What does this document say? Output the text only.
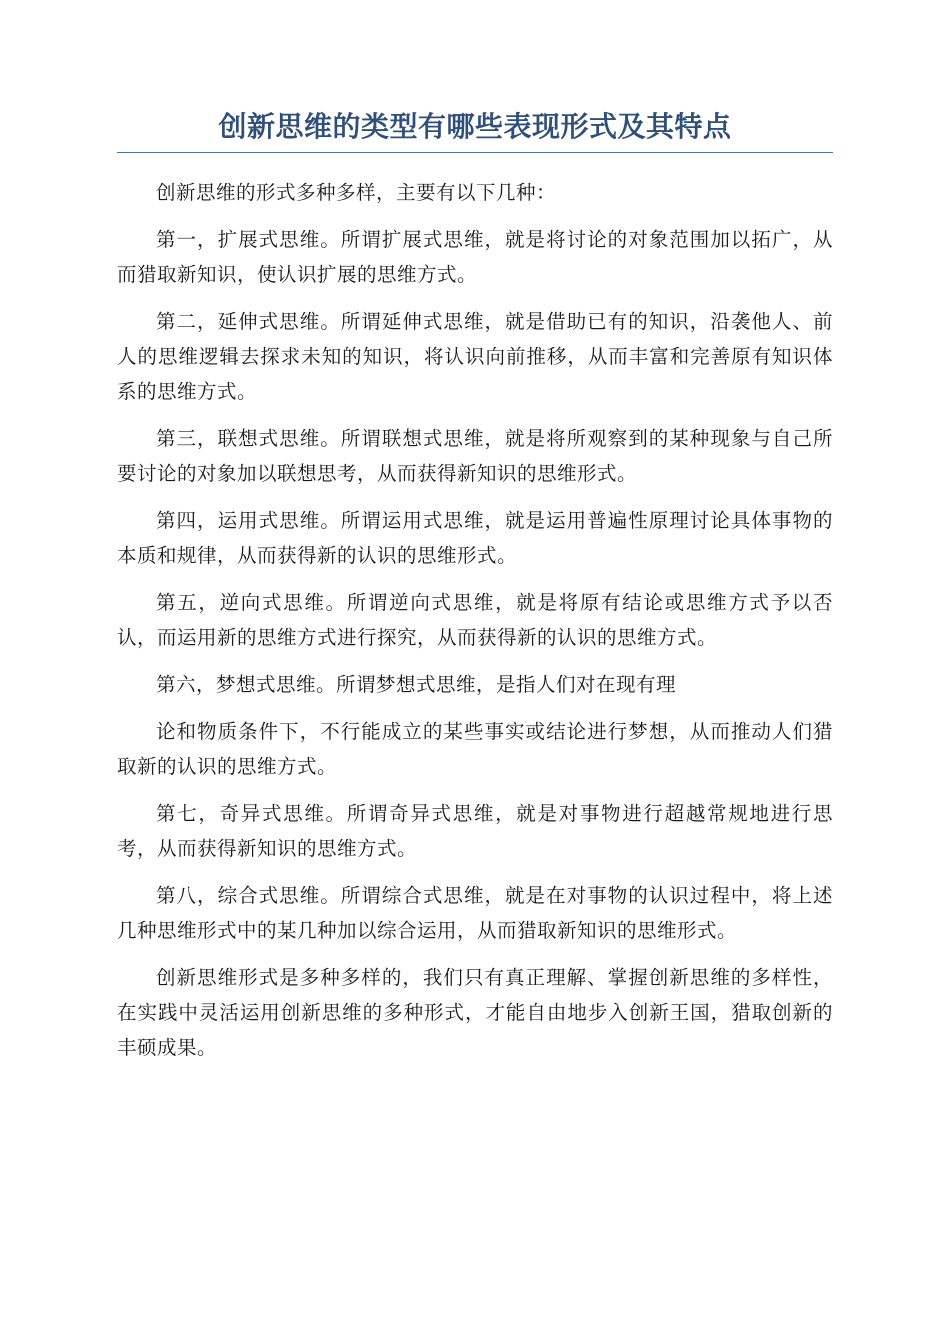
创新思维的类型有哪些表现形式及其特点

创新思维的形式多种多样，主要有以下几种：

第一，扩展式思维。所谓扩展式思维，就是将讨论的对象范围加以拓广，从而猎取新知识，使认识扩展的思维方式。

第二，延伸式思维。所谓延伸式思维，就是借助已有的知识，沿袭他人、前人的思维逻辑去探求未知的知识，将认识向前推移，从而丰富和完善原有知识体系的思维方式。

第三，联想式思维。所谓联想式思维，就是将所观察到的某种现象与自己所要讨论的对象加以联想思考，从而获得新知识的思维形式。

第四，运用式思维。所谓运用式思维，就是运用普遍性原理讨论具体事物的本质和规律，从而获得新的认识的思维形式。

第五，逆向式思维。所谓逆向式思维，就是将原有结论或思维方式予以否认，而运用新的思维方式进行探究，从而获得新的认识的思维方式。

第六，梦想式思维。所谓梦想式思维，是指人们对在现有理

论和物质条件下，不行能成立的某些事实或结论进行梦想，从而推动人们猎取新的认识的思维方式。

第七，奇异式思维。所谓奇异式思维，就是对事物进行超越常规地进行思考，从而获得新知识的思维方式。

第八，综合式思维。所谓综合式思维，就是在对事物的认识过程中，将上述几种思维形式中的某几种加以综合运用，从而猎取新知识的思维形式。

创新思维形式是多种多样的，我们只有真正理解、掌握创新思维的多样性，在实践中灵活运用创新思维的多种形式，才能自由地步入创新王国，猎取创新的丰硕成果。
